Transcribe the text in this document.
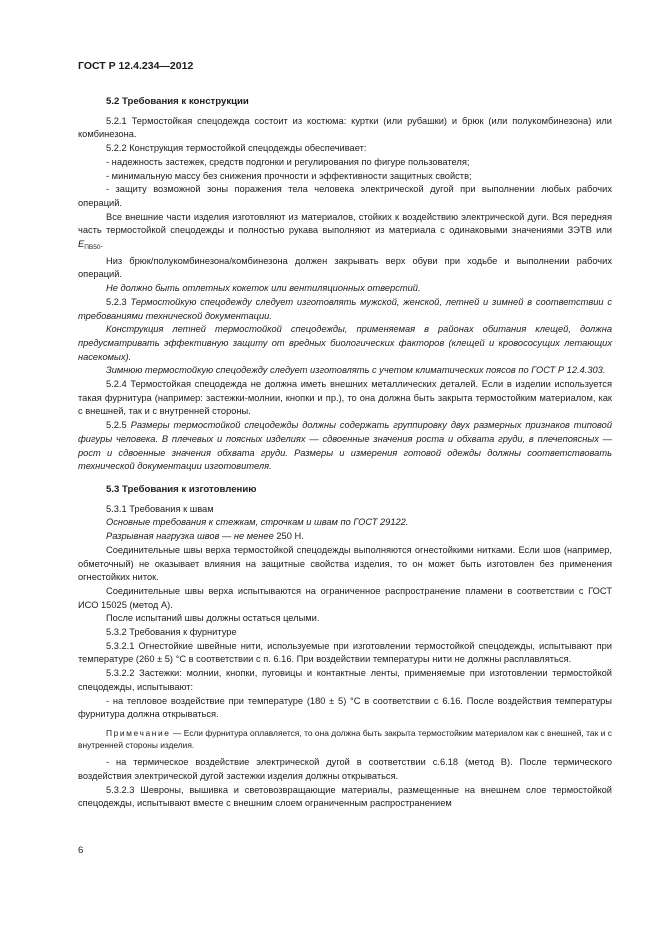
ГОСТ Р 12.4.234—2012

5.2 Требования к конструкции

5.2.1 Термостойкая спецодежда состоит из костюма: куртки (или рубашки) и брюк (или полукомбинезона) или комбинезона.

5.2.2 Конструкция термостойкой спецодежды обеспечивает:

- надежность застежек, средств подгонки и регулирования по фигуре пользователя;

- минимальную массу без снижения прочности и эффективности защитных свойств;

- защиту возможной зоны поражения тела человека электрической дугой при выполнении любых рабочих операций.

Все внешние части изделия изготовляют из материалов, стойких к воздействию электрической дуги. Вся передняя часть термостойкой спецодежды и полностью рукава выполняют из материала с одинаковыми значениями ЗЭТВ или $E_{ПВ50}$.

Низ брюк/полукомбинезона/комбинезона должен закрывать верх обуви при ходьбе и выполнении рабочих операций.

Не должно быть отлетных кокеток или вентиляционных отверстий.

5.2.3 Термостойкую спецодежду следует изготовлять мужской, женской, летней и зимней в соответствии с требованиями технической документации.

Конструкция летней термостойкой спецодежды, применяемая в районах обитания клещей, должна предусматривать эффективную защиту от вредных биологических факторов (клещей и кровососущих летающих насекомых).

Зимнюю термостойкую спецодежду следует изготовлять с учетом климатических поясов по ГОСТ Р 12.4.303.

5.2.4 Термостойкая спецодежда не должна иметь внешних металлических деталей. Если в изделии используется такая фурнитура (например: застежки-молнии, кнопки и пр.), то она должна быть закрыта термостойким материалом, как с внешней, так и с внутренней стороны.

5.2.5 Размеры термостойкой спецодежды должны содержать группировку двух размерных признаков типовой фигуры человека. В плечевых и поясных изделиях — сдвоенные значения роста и обхвата груди, в плечепоясных — рост и сдвоенные значения обхвата груди. Размеры и измерения готовой одежды должны соответствовать технической документации изготовителя.

5.3 Требования к изготовлению

5.3.1 Требования к швам

Основные требования к стежкам, строчкам и швам по ГОСТ 29122.

Разрывная нагрузка швов — не менее 250 Н.

Соединительные швы верха термостойкой спецодежды выполняются огнестойкими нитками. Если шов (например, обметочный) не оказывает влияния на защитные свойства изделия, то он может быть изготовлен без применения огнестойких ниток.

Соединительные швы верха испытываются на ограниченное распространение пламени в соответствии с ГОСТ ИСО 15025 (метод А).

После испытаний швы должны остаться целыми.

5.3.2 Требования к фурнитуре

5.3.2.1 Огнестойкие швейные нити, используемые при изготовлении термостойкой спецодежды, испытывают при температуре (260 ± 5) °С в соответствии с п. 6.16. При воздействии температуры нити не должны расплавляться.

5.3.2.2 Застежки: молнии, кнопки, пуговицы и контактные ленты, применяемые при изготовлении термостойкой спецодежды, испытывают:

- на тепловое воздействие при температуре (180 ± 5) °С в соответствии с 6.16. После воздействия температуры фурнитура должна открываться.

Примечание — Если фурнитура оплавляется, то она должна быть закрыта термостойким материалом как с внешней, так и с внутренней стороны изделия.

- на термическое воздействие электрической дугой в соответствии с.6.18 (метод В). После термического воздействия электрической дугой застежки изделия должны открываться.

5.3.2.3 Шевроны, вышивка и световозвращающие материалы, размещенные на внешнем слое термостойкой спецодежды, испытывают вместе с внешним слоем ограниченным распространением

6
